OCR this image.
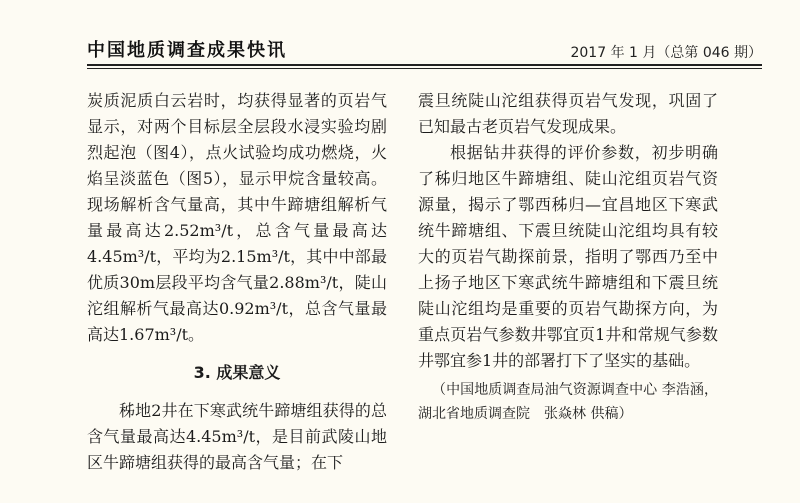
中国地质调查成果快讯	2017 年 1 月（总第 046 期）

炭质泥质白云岩时，均获得显著的页岩气显示，对两个目标层全层段水浸实验均剧烈起泡（图4），点火试验均成功燃烧，火焰呈淡蓝色（图5），显示甲烷含量较高。现场解析含气量高，其中牛蹄塘组解析气量最高达2.52m³/t，总含气量最高达4.45m³/t，平均为2.15m³/t，其中中部最优质30m层段平均含气量2.88m³/t，陡山沱组解析气最高达0.92m³/t，总含气量最高达1.67m³/t。

3. 成果意义

秭地2井在下寒武统牛蹄塘组获得的总含气量最高达4.45m³/t，是目前武陵山地区牛蹄塘组获得的最高含气量；在下

震旦统陡山沱组获得页岩气发现，巩固了已知最古老页岩气发现成果。

根据钻井获得的评价参数，初步明确了秭归地区牛蹄塘组、陡山沱组页岩气资源量，揭示了鄂西秭归—宜昌地区下寒武统牛蹄塘组、下震旦统陡山沱组均具有较大的页岩气勘探前景，指明了鄂西乃至中上扬子地区下寒武统牛蹄塘组和下震旦统陡山沱组均是重要的页岩气勘探方向，为重点页岩气参数井鄂宜页1井和常规气参数井鄂宜参1井的部署打下了坚实的基础。

（中国地质调查局油气资源调查中心 李浩涵，湖北省地质调查院　张焱林 供稿）
